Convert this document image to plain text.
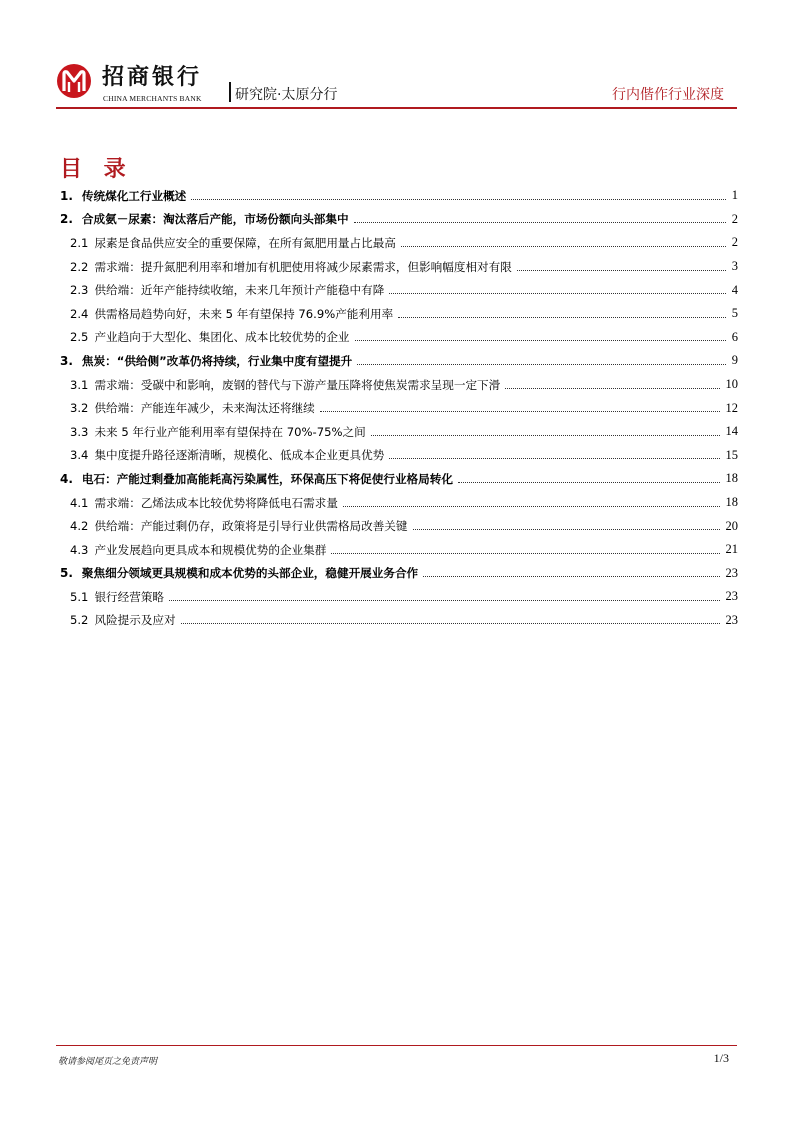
招商银行
CHINA MERCHANTS BANK 研究院·太原分行	行内偕作行业深度
目 录
1. 传统煤化工行业概述	1
2. 合成氨－尿素：淘汰落后产能，市场份额向头部集中	2
2.1 尿素是食品供应安全的重要保障，在所有氮肥用量占比最高	2
2.2 需求端：提升氮肥利用率和增加有机肥使用将减少尿素需求，但影响幅度相对有限	3
2.3 供给端：近年产能持续收缩，未来几年预计产能稳中有降	4
2.4 供需格局趋势向好，未来 5 年有望保持 76.9%产能利用率	5
2.5 产业趋向于大型化、集团化、成本比较优势的企业	6
3. 焦炭：“供给侧”改革仍将持续，行业集中度有望提升	9
3.1 需求端：受碳中和影响，废钢的替代与下游产量压降将使焦炭需求呈现一定下滑	10
3.2 供给端：产能连年减少，未来淘汰还将继续	12
3.3 未来 5 年行业产能利用率有望保持在 70%-75%之间	14
3.4 集中度提升路径逐渐清晰，规模化、低成本企业更具优势	15
4. 电石：产能过剩叠加高能耗高污染属性，环保高压下将促使行业格局转化	18
4.1 需求端：乙烯法成本比较优势将降低电石需求量	18
4.2 供给端：产能过剩仍存，政策将是引导行业供需格局改善关键	20
4.3 产业发展趋向更具成本和规模优势的企业集群	21
5. 聚焦细分领域更具规模和成本优势的头部企业，稳健开展业务合作	23
5.1 银行经营策略	23
5.2 风险提示及应对	23
敬请参阅尾页之免责声明	1/3
